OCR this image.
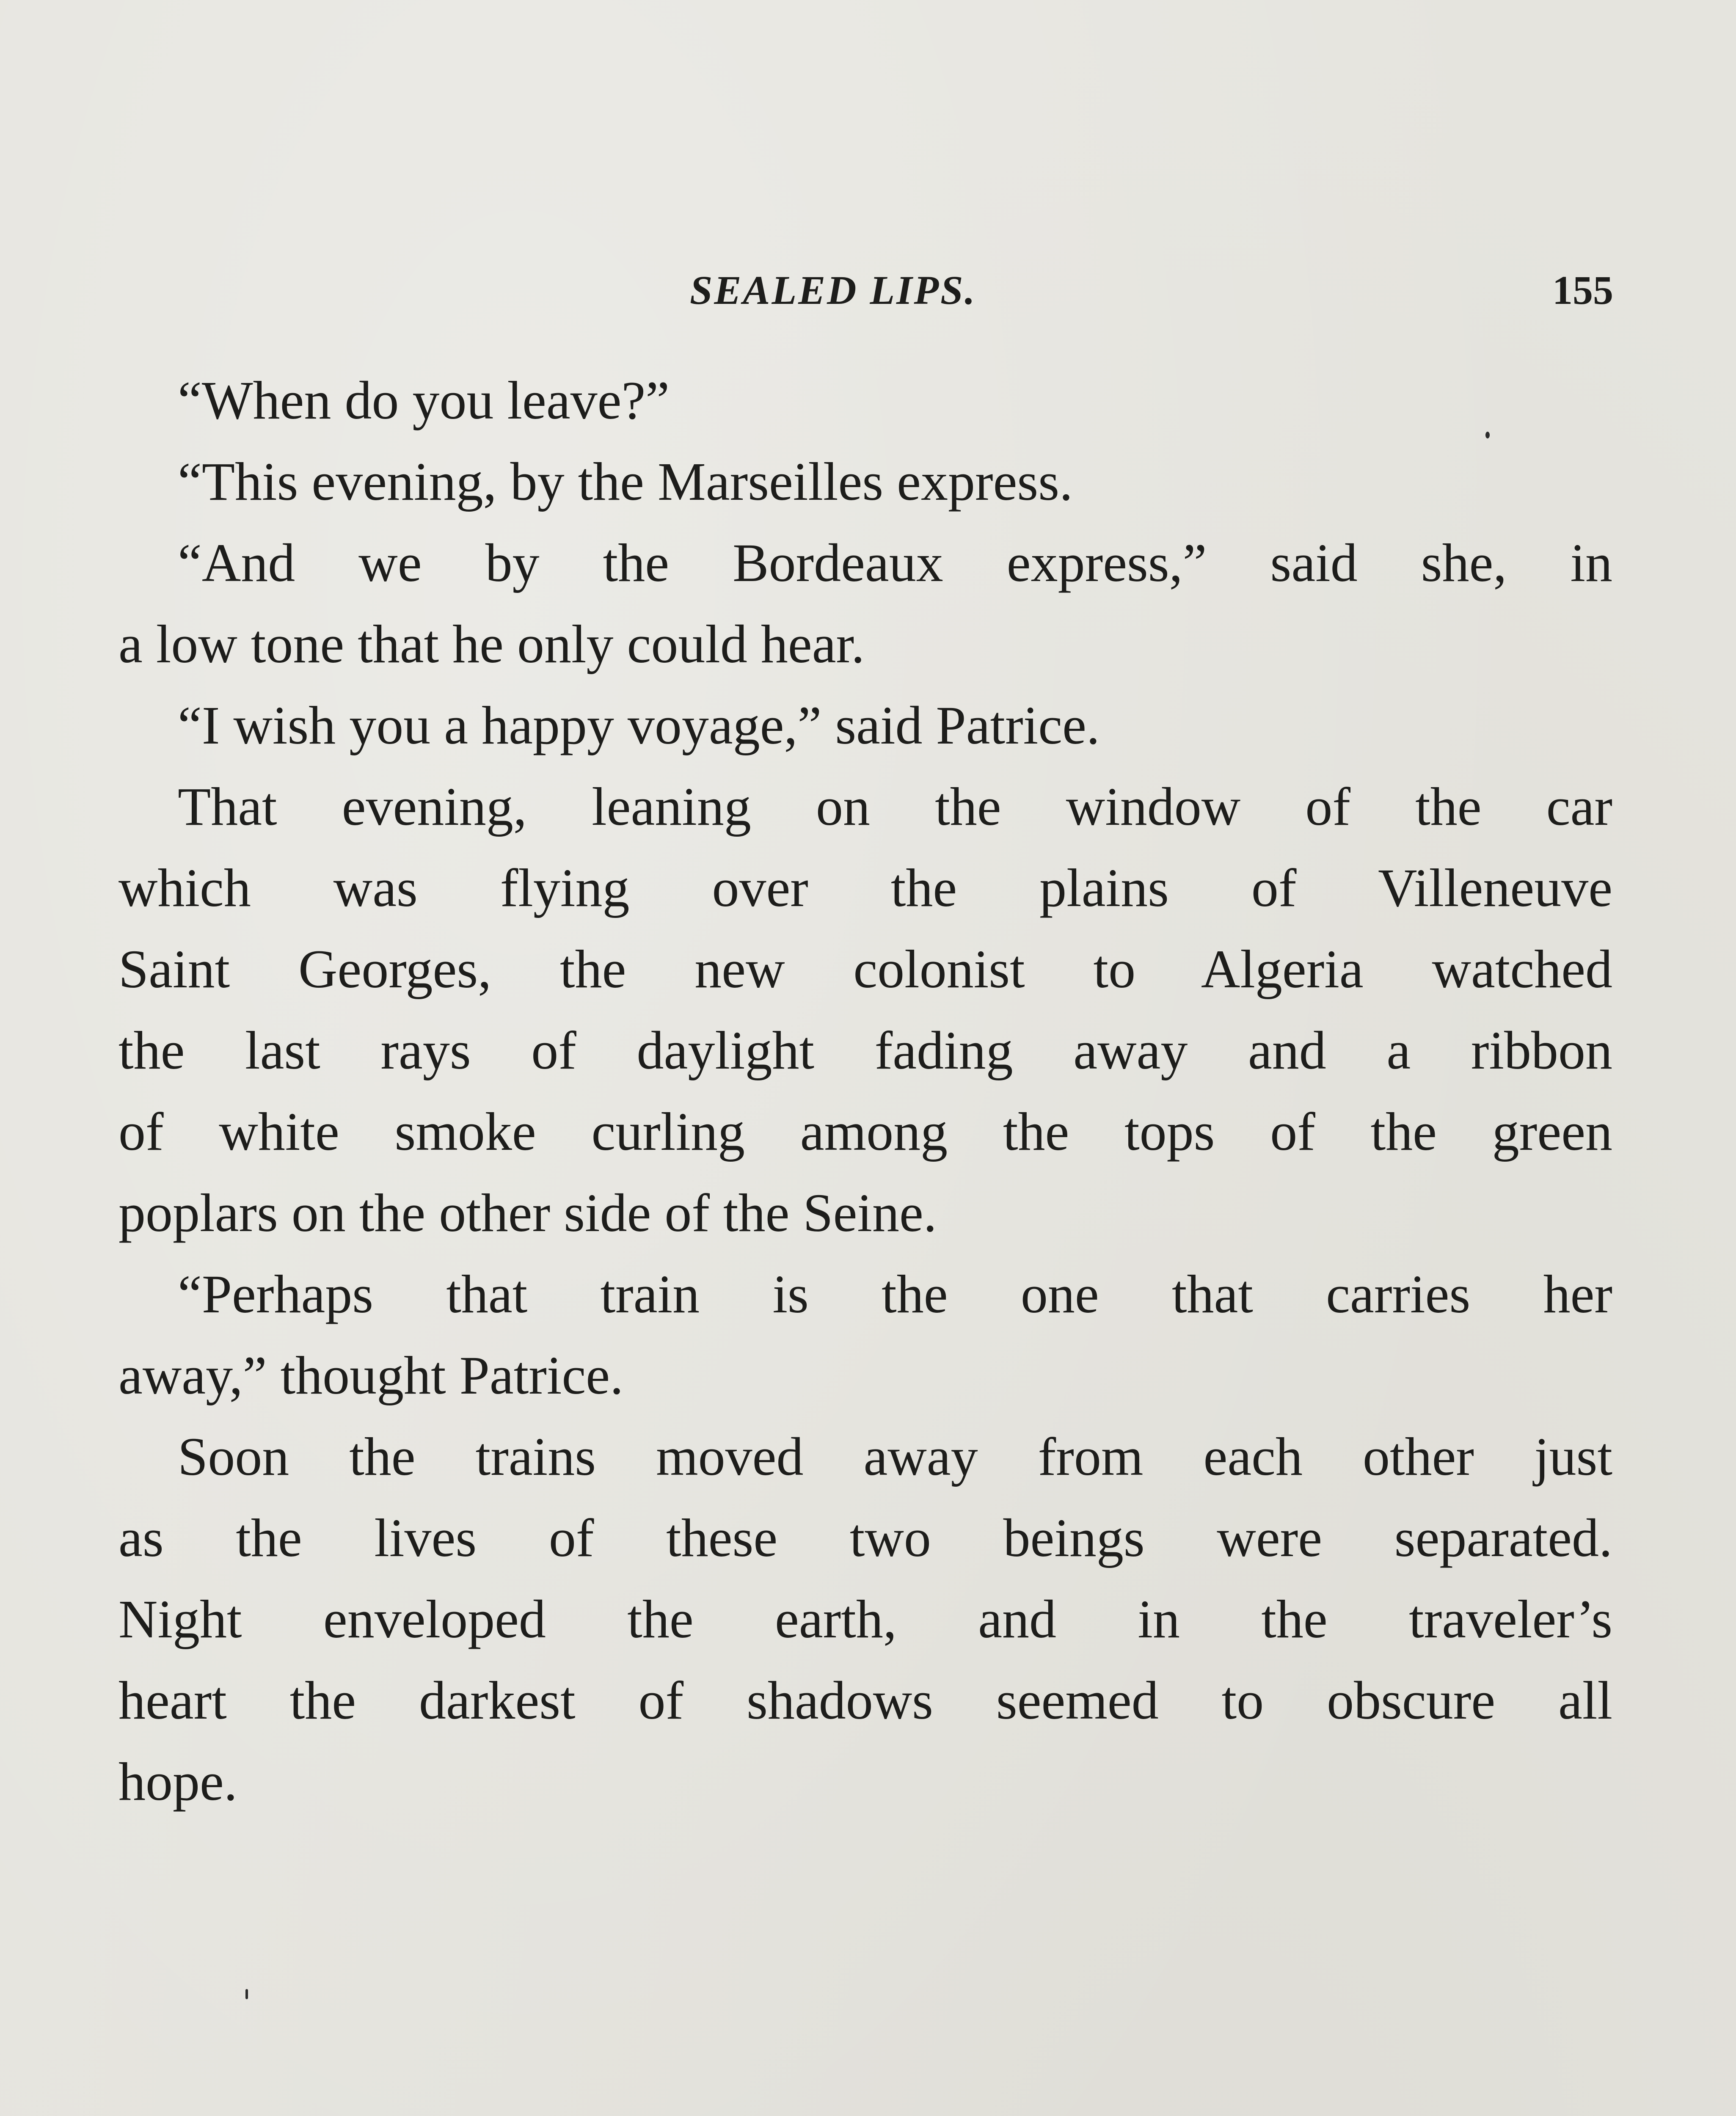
SEALED LIPS.	155

“When do you leave?”

“This evening, by the Marseilles express.

“And we by the Bordeaux express,” said she, in
a low tone that he only could hear.

“I wish you a happy voyage,” said Patrice.

That evening, leaning on the window of the car
which was flying over the plains of Villeneuve
Saint Georges, the new colonist to Algeria watched
the last rays of daylight fading away and a ribbon
of white smoke curling among the tops of the green
poplars on the other side of the Seine.

“Perhaps that train is the one that carries her
away,” thought Patrice.

Soon the trains moved away from each other just
as the lives of these two beings were separated.
Night enveloped the earth, and in the traveler’s
heart the darkest of shadows seemed to obscure all
hope.
